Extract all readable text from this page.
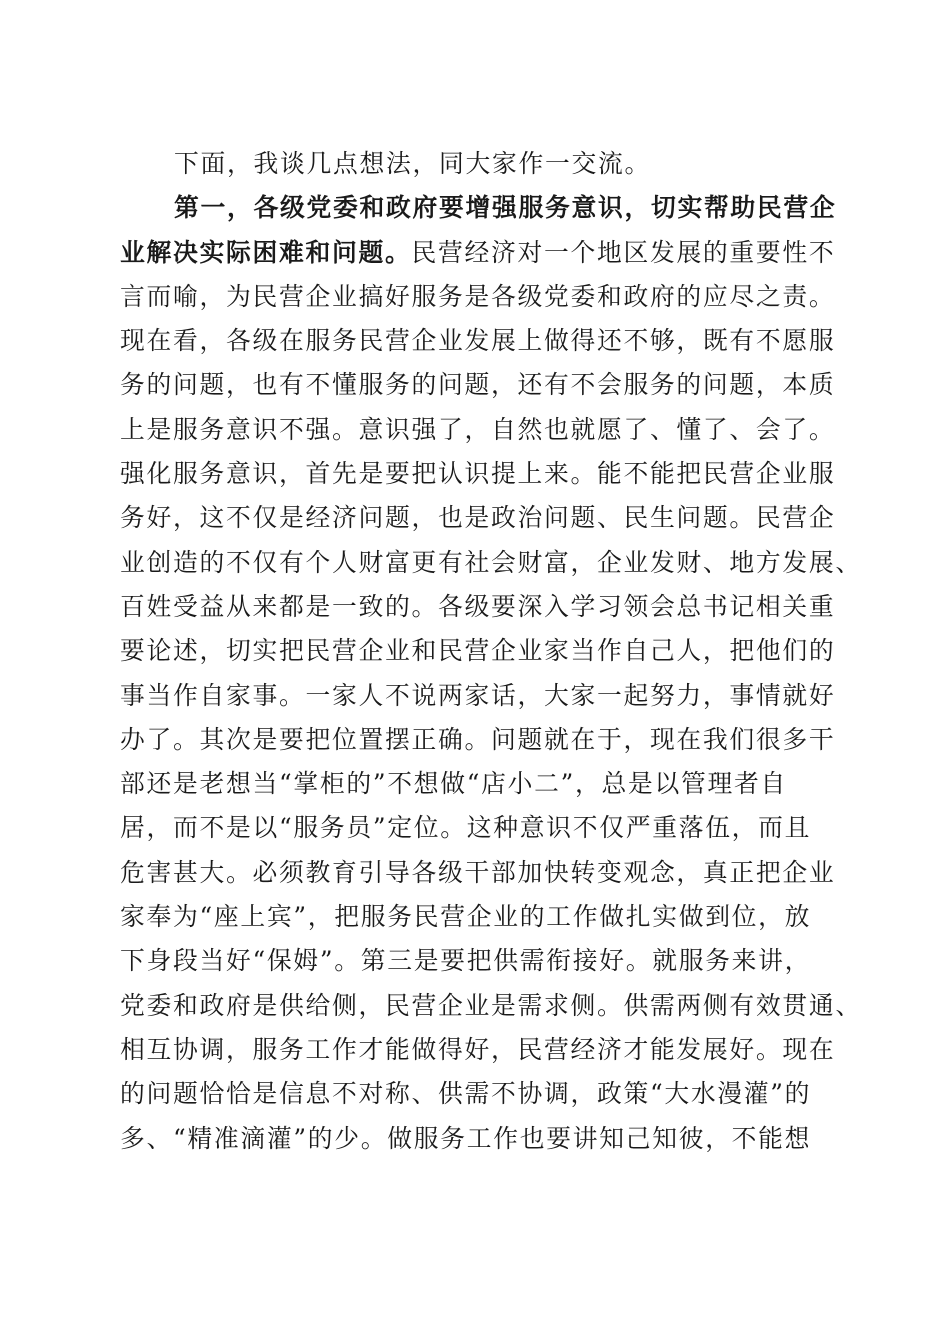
下面，我谈几点想法，同大家作一交流。
第一，各级党委和政府要增强服务意识，切实帮助民营企
业解决实际困难和问题。民营经济对一个地区发展的重要性不
言而喻，为民营企业搞好服务是各级党委和政府的应尽之责。
现在看，各级在服务民营企业发展上做得还不够，既有不愿服
务的问题，也有不懂服务的问题，还有不会服务的问题，本质
上是服务意识不强。意识强了，自然也就愿了、懂了、会了。
强化服务意识，首先是要把认识提上来。能不能把民营企业服
务好，这不仅是经济问题，也是政治问题、民生问题。民营企
业创造的不仅有个人财富更有社会财富，企业发财、地方发展、
百姓受益从来都是一致的。各级要深入学习领会总书记相关重
要论述，切实把民营企业和民营企业家当作自己人，把他们的
事当作自家事。一家人不说两家话，大家一起努力，事情就好
办了。其次是要把位置摆正确。问题就在于，现在我们很多干
部还是老想当“掌柜的”不想做“店小二”，总是以管理者自
居，而不是以“服务员”定位。这种意识不仅严重落伍，而且
危害甚大。必须教育引导各级干部加快转变观念，真正把企业
家奉为“座上宾”，把服务民营企业的工作做扎实做到位，放
下身段当好“保姆”。第三是要把供需衔接好。就服务来讲，
党委和政府是供给侧，民营企业是需求侧。供需两侧有效贯通、
相互协调，服务工作才能做得好，民营经济才能发展好。现在
的问题恰恰是信息不对称、供需不协调，政策“大水漫灌”的
多、“精准滴灌”的少。做服务工作也要讲知己知彼，不能想
